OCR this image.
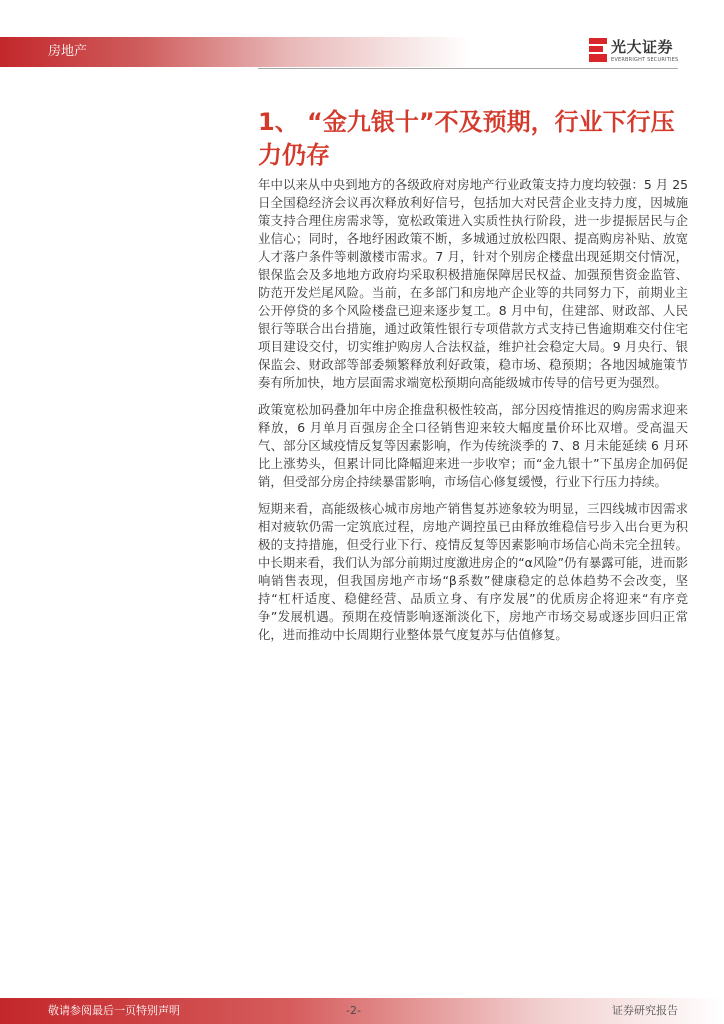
房地产	光大证券
EVERBRIGHT SECURITIES
1、 “金九银十”不及预期，行业下行压力仍存

年中以来从中央到地方的各级政府对房地产行业政策支持力度均较强：5 月 25 日全国稳经济会议再次释放利好信号，包括加大对民营企业支持力度，因城施策支持合理住房需求等，宽松政策进入实质性执行阶段，进一步提振居民与企业信心；同时，各地纾困政策不断，多城通过放松四限、提高购房补贴、放宽人才落户条件等刺激楼市需求。7 月，针对个别房企楼盘出现延期交付情况，银保监会及多地地方政府均采取积极措施保障居民权益、加强预售资金监管、防范开发烂尾风险。当前，在多部门和房地产企业等的共同努力下，前期业主公开停贷的多个风险楼盘已迎来逐步复工。8 月中旬，住建部、财政部、人民银行等联合出台措施，通过政策性银行专项借款方式支持已售逾期难交付住宅项目建设交付，切实维护购房人合法权益，维护社会稳定大局。9 月央行、银保监会、财政部等部委频繁释放利好政策，稳市场、稳预期；各地因城施策节奏有所加快，地方层面需求端宽松预期向高能级城市传导的信号更为强烈。

政策宽松加码叠加年中房企推盘积极性较高，部分因疫情推迟的购房需求迎来释放，6 月单月百强房企全口径销售迎来较大幅度量价环比双增。受高温天气、部分区域疫情反复等因素影响，作为传统淡季的 7、8 月未能延续 6 月环比上涨势头，但累计同比降幅迎来进一步收窄；而“金九银十”下虽房企加码促销，但受部分房企持续暴雷影响，市场信心修复缓慢，行业下行压力持续。

短期来看，高能级核心城市房地产销售复苏迹象较为明显，三四线城市因需求相对疲软仍需一定筑底过程，房地产调控虽已由释放维稳信号步入出台更为积极的支持措施，但受行业下行、疫情反复等因素影响市场信心尚未完全扭转。中长期来看，我们认为部分前期过度激进房企的“α风险”仍有暴露可能，进而影响销售表现，但我国房地产市场“β系数”健康稳定的总体趋势不会改变，坚持“杠杆适度、稳健经营、品质立身、有序发展”的优质房企将迎来“有序竞争”发展机遇。预期在疫情影响逐渐淡化下，房地产市场交易或逐步回归正常化，进而推动中长周期行业整体景气度复苏与估值修复。

敬请参阅最后一页特别声明	-2-	证券研究报告
